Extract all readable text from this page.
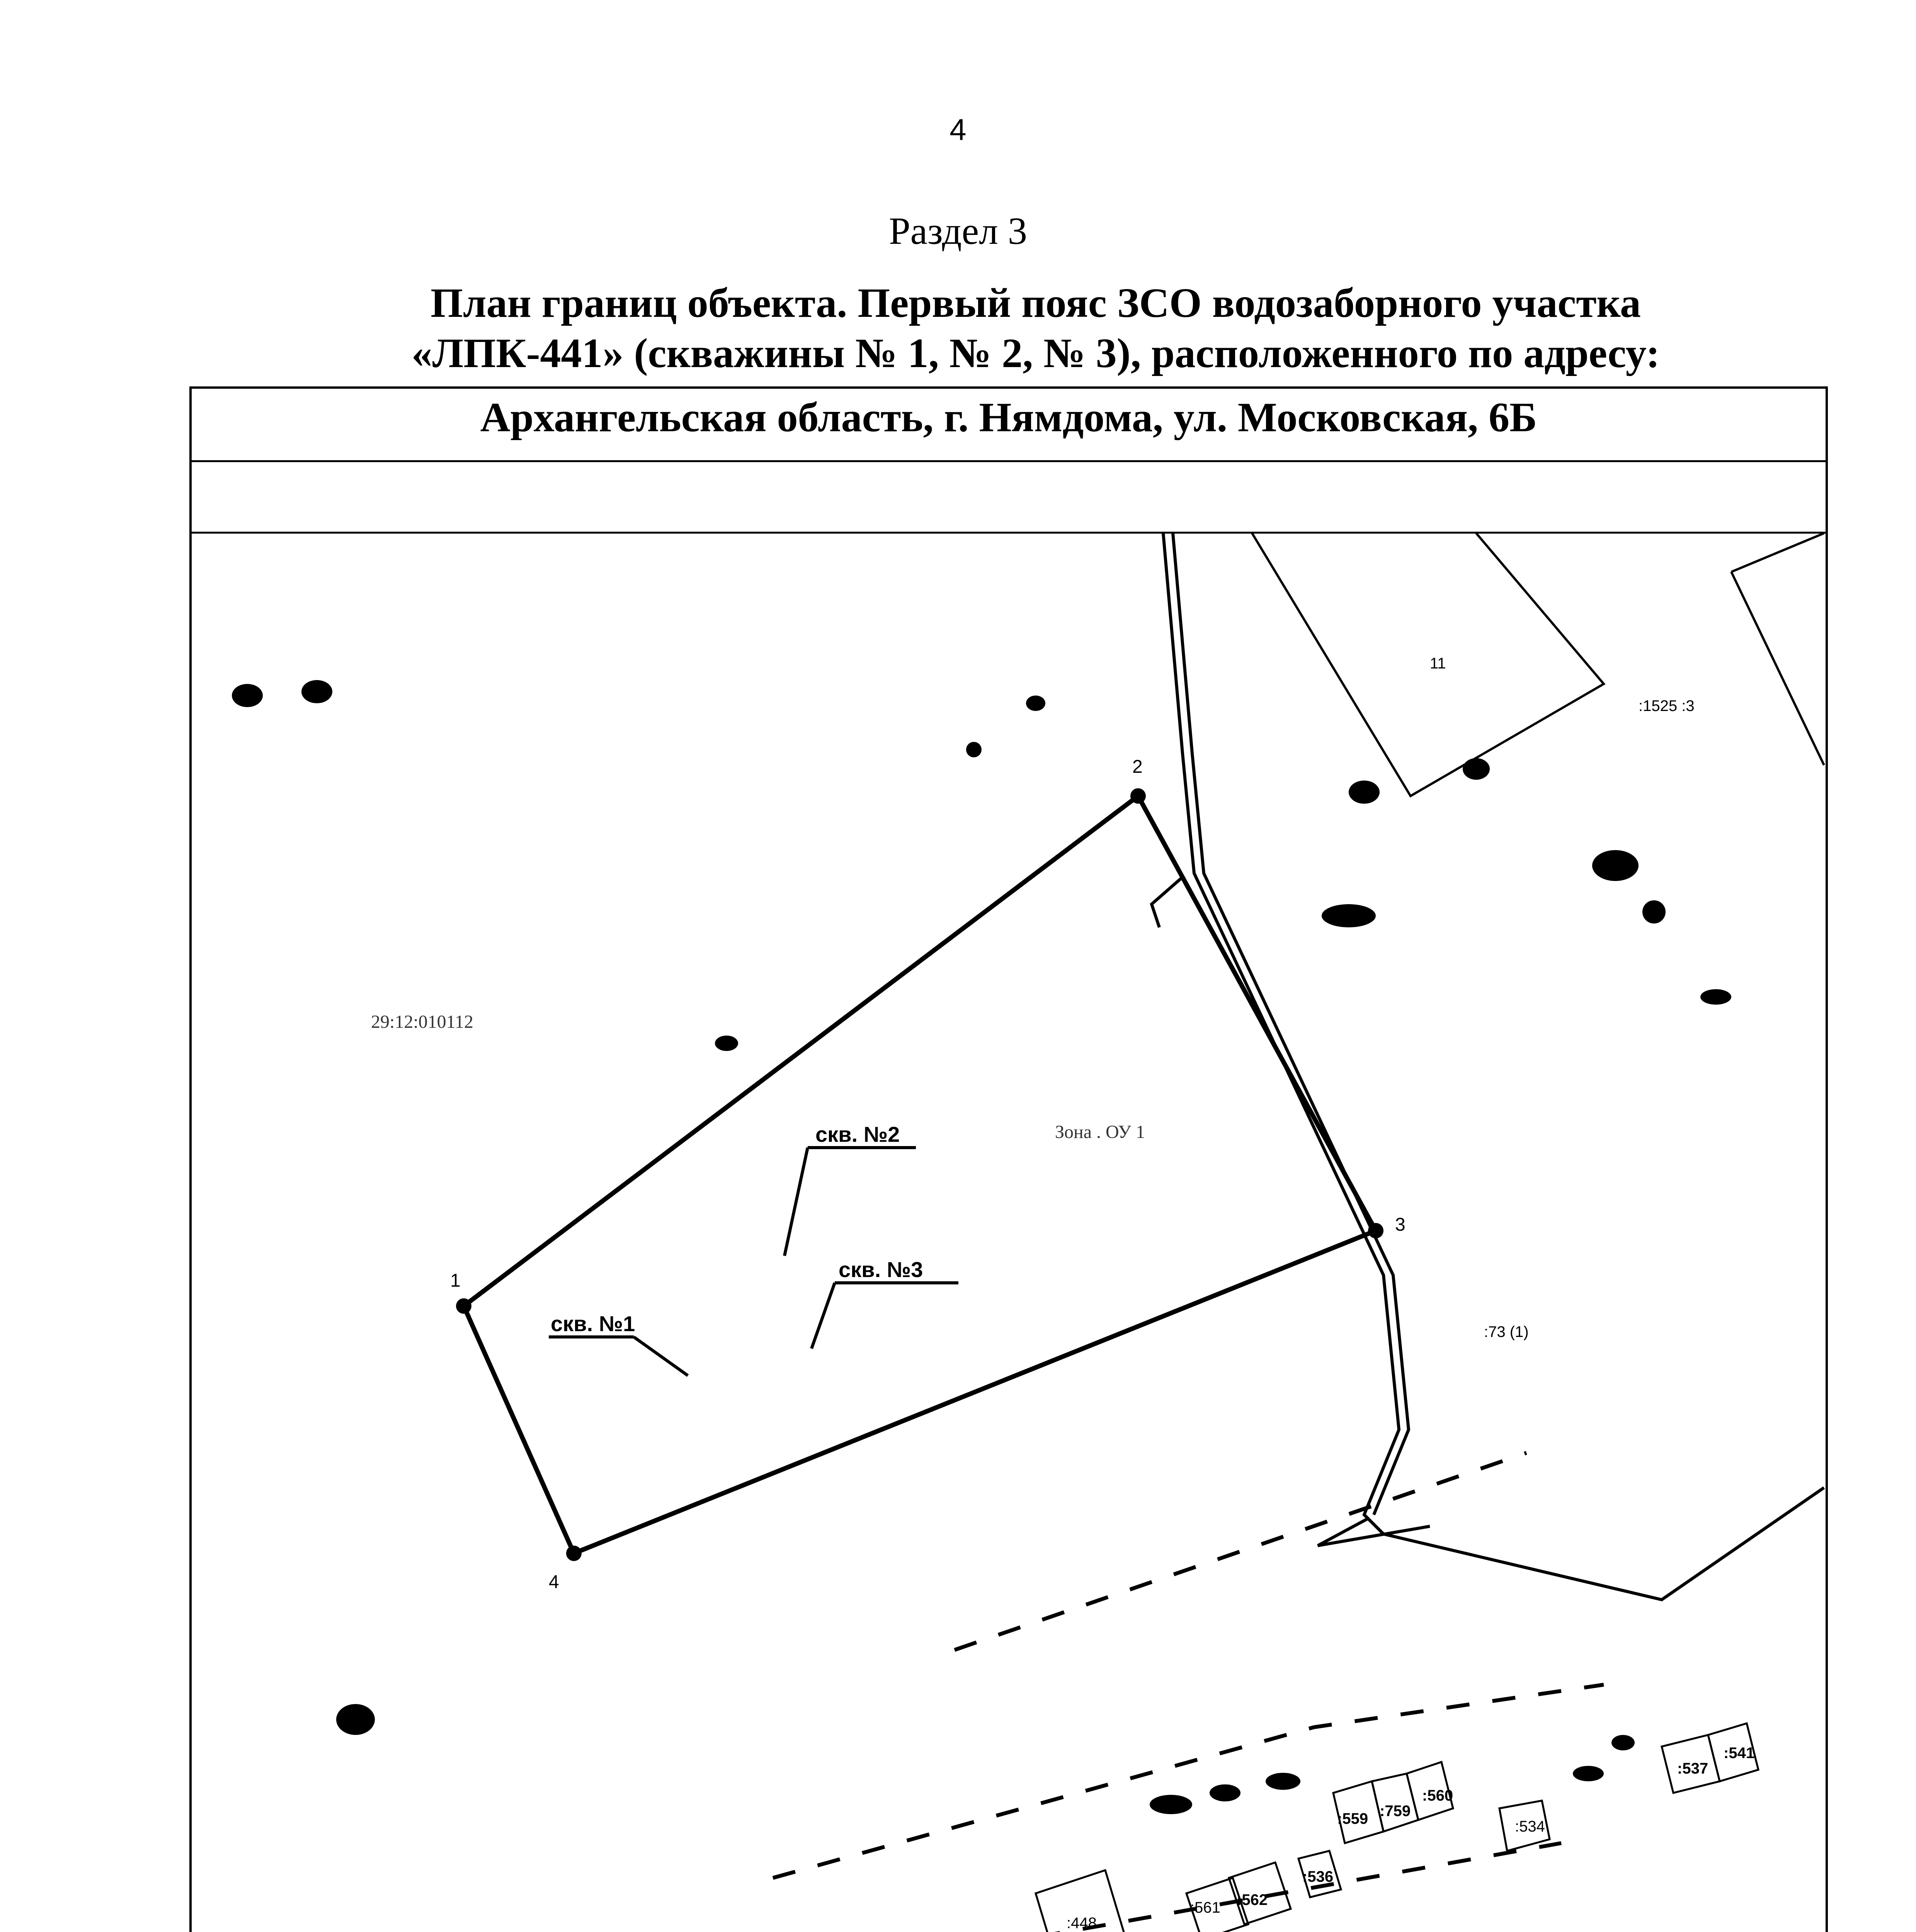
4
Раздел 3
План границ объекта. Первый пояс ЗСО водозаборного участка
«ЛПК-441» (скважины № 1, № 2, № 3), расположенного по адресу:
Архангельская область, г. Нямдома, ул. Московская, 6Б
1
2
3
4
скв. №1
скв. №2
скв. №3
Зона . ОУ 1
29:12:010112
11
:1525 :3
:73 (1)
:541
:537
:560
:759
:559	:534
:536
:562
:561
:448
